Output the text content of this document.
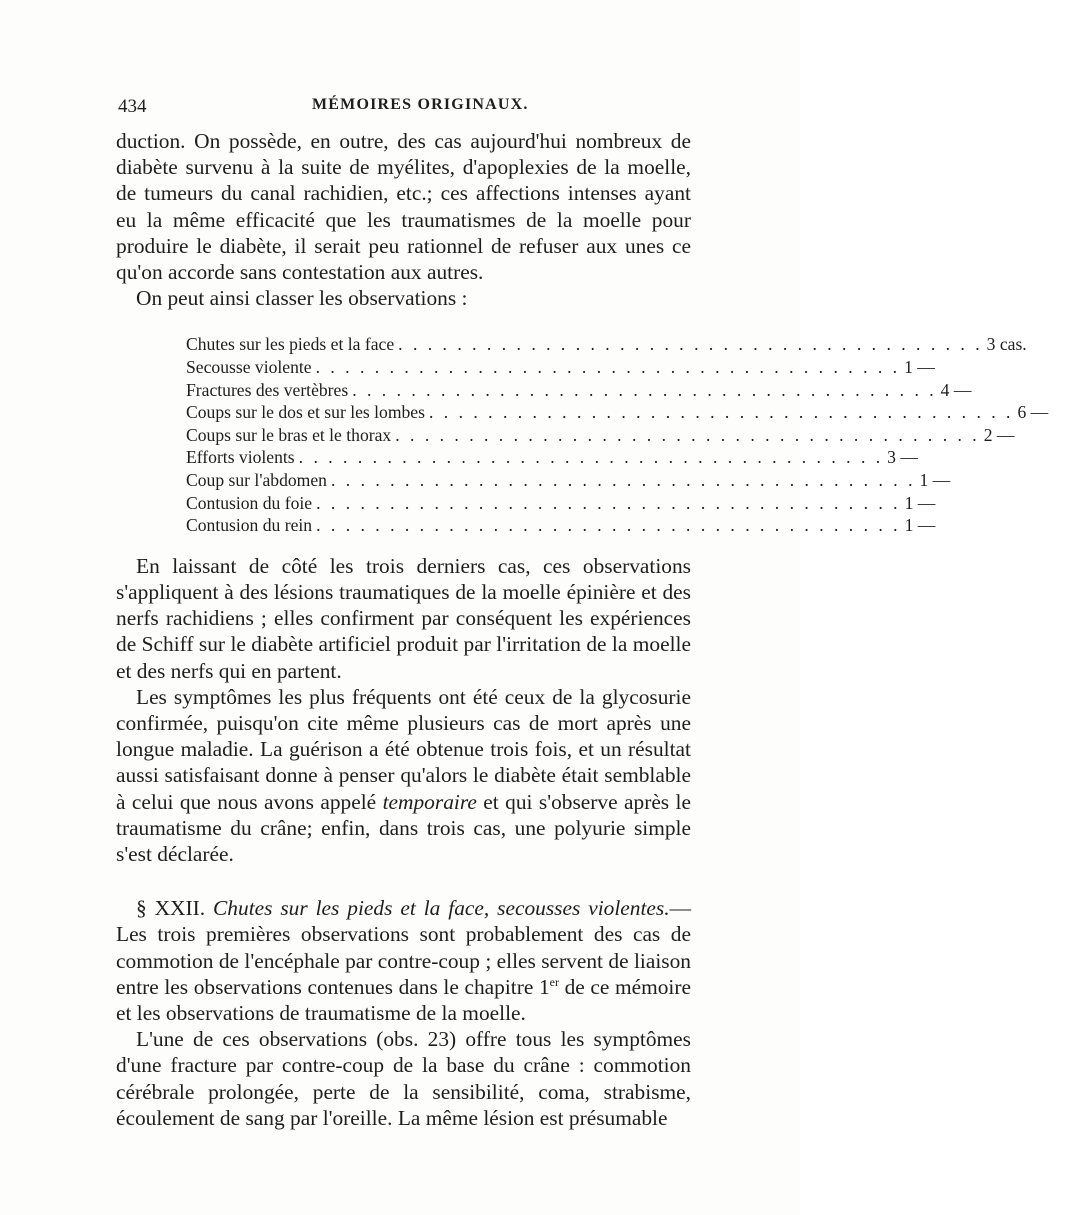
434	MÉMOIRES ORIGINAUX.

duction. On possède, en outre, des cas aujourd'hui nombreux de diabète survenu à la suite de myélites, d'apoplexies de la moelle, de tumeurs du canal rachidien, etc.; ces affections intenses ayant eu la même efficacité que les traumatismes de la moelle pour produire le diabète, il serait peu rationnel de refuser aux unes ce qu'on accorde sans contestation aux autres.

On peut ainsi classer les observations :

Chutes sur les pieds et la face . . . . . . . . . . . . . . . . . . . . . . . . . . . . . . . . . . . . . . . . 3 cas.
Secousse violente . . . . . . . . . . . . . . . . . . . . . . . . . . . . . . . . . . . . . . . . 1 —
Fractures des vertèbres . . . . . . . . . . . . . . . . . . . . . . . . . . . . . . . . . . . . . . . . 4 —
Coups sur le dos et sur les lombes . . . . . . . . . . . . . . . . . . . . . . . . . . . . . . . . . . . . . . . . 6 —
Coups sur le bras et le thorax . . . . . . . . . . . . . . . . . . . . . . . . . . . . . . . . . . . . . . . . 2 —
Efforts violents . . . . . . . . . . . . . . . . . . . . . . . . . . . . . . . . . . . . . . . . 3 —
Coup sur l'abdomen . . . . . . . . . . . . . . . . . . . . . . . . . . . . . . . . . . . . . . . . 1 —
Contusion du foie . . . . . . . . . . . . . . . . . . . . . . . . . . . . . . . . . . . . . . . . 1 —
Contusion du rein . . . . . . . . . . . . . . . . . . . . . . . . . . . . . . . . . . . . . . . . 1 —

En laissant de côté les trois derniers cas, ces observations s'appliquent à des lésions traumatiques de la moelle épinière et des nerfs rachidiens ; elles confirment par conséquent les expériences de Schiff sur le diabète artificiel produit par l'irritation de la moelle et des nerfs qui en partent.

Les symptômes les plus fréquents ont été ceux de la glycosurie confirmée, puisqu'on cite même plusieurs cas de mort après une longue maladie. La guérison a été obtenue trois fois, et un résultat aussi satisfaisant donne à penser qu'alors le diabète était semblable à celui que nous avons appelé temporaire et qui s'observe après le traumatisme du crâne; enfin, dans trois cas, une polyurie simple s'est déclarée.

§ XXII. Chutes sur les pieds et la face, secousses violentes.— Les trois premières observations sont probablement des cas de commotion de l'encéphale par contre-coup ; elles servent de liaison entre les observations contenues dans le chapitre 1er de ce mémoire et les observations de traumatisme de la moelle.

L'une de ces observations (obs. 23) offre tous les symptômes d'une fracture par contre-coup de la base du crâne : commotion cérébrale prolongée, perte de la sensibilité, coma, strabisme, écoulement de sang par l'oreille. La même lésion est présumable
